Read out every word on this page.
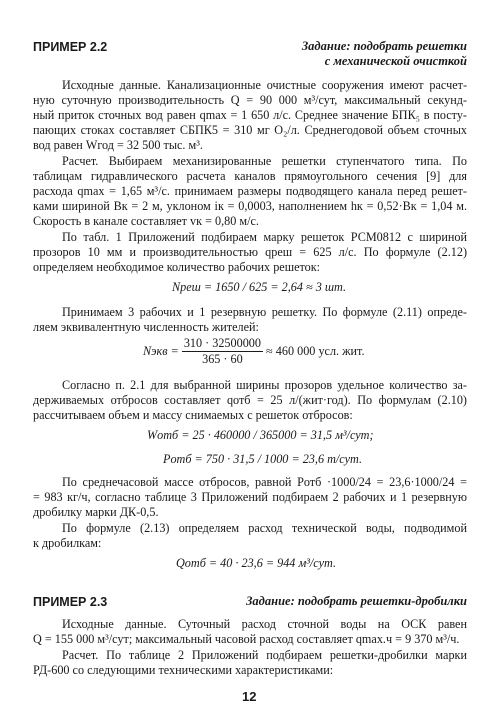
ПРИМЕР 2.2	Задание: подобрать решетки
с механической очисткой
Исходные данные. Канализационные очистные сооружения имеют расчет-
ную суточную производительность Q = 90 000 м³/сут, максимальный секунд-
ный приток сточных вод равен qmax = 1 650 л/с. Среднее значение БПК₅ в посту-
пающих стоках составляет CБПК5 = 310 мг O₂/л. Среднегодовой объем сточных
вод равен Wгод = 32 500 тыс. м³.
Расчет. Выбираем механизированные решетки ступенчатого типа. По
таблицам гидравлического расчета каналов прямоугольного сечения [9] для
расхода qmax = 1,65 м³/с. принимаем размеры подводящего канала перед решет-
ками шириной Bк = 2 м, уклоном iк = 0,0003, наполнением hк = 0,52·Bк = 1,04 м.
Скорость в канале составляет vк = 0,80 м/с.
По табл. 1 Приложений подбираем марку решеток РСМ0812 с шириной
прозоров 10 мм и производительностью qреш = 625 л/с. По формуле (2.12)
определяем необходимое количество рабочих решеток:
Nреш = 1650 / 625 = 2,64 ≈ 3 шт.
Принимаем 3 рабочих и 1 резервную решетку. По формуле (2.11) опреде-
ляем эквивалентную численность жителей:
Nэкв = $\frac{310 \cdot 32500000}{365 \cdot 60} \approx 460$ 000 усл. жит.
Согласно п. 2.1 для выбранной ширины прозоров удельное количество за-
держиваемых отбросов составляет qотб = 25 л/(жит·год). По формулам (2.10)
рассчитываем объем и массу снимаемых с решеток отбросов:
Wотб = 25 · 460000 / 365000 = 31,5 м³/сут;
Pотб = 750 · 31,5 / 1000 = 23,6 т/сут.
По среднечасовой массе отбросов, равной Pотб ·1000/24 = 23,6·1000/24 =
= 983 кг/ч, согласно таблице 3 Приложений подбираем 2 рабочих и 1 резервную
дробилку марки ДК-0,5.
По формуле (2.13) определяем расход технической воды, подводимой
к дробилкам:
Qотб = 40 · 23,6 = 944 м³/сут.
ПРИМЕР 2.3	Задание: подобрать решетки-дробилки
Исходные данные. Суточный расход сточной воды на ОСК равен
Q = 155 000 м³/сут; максимальный часовой расход составляет qmax.ч = 9 370 м³/ч.
Расчет. По таблице 2 Приложений подбираем решетки-дробилки марки
РД-600 со следующими техническими характеристиками:
12
